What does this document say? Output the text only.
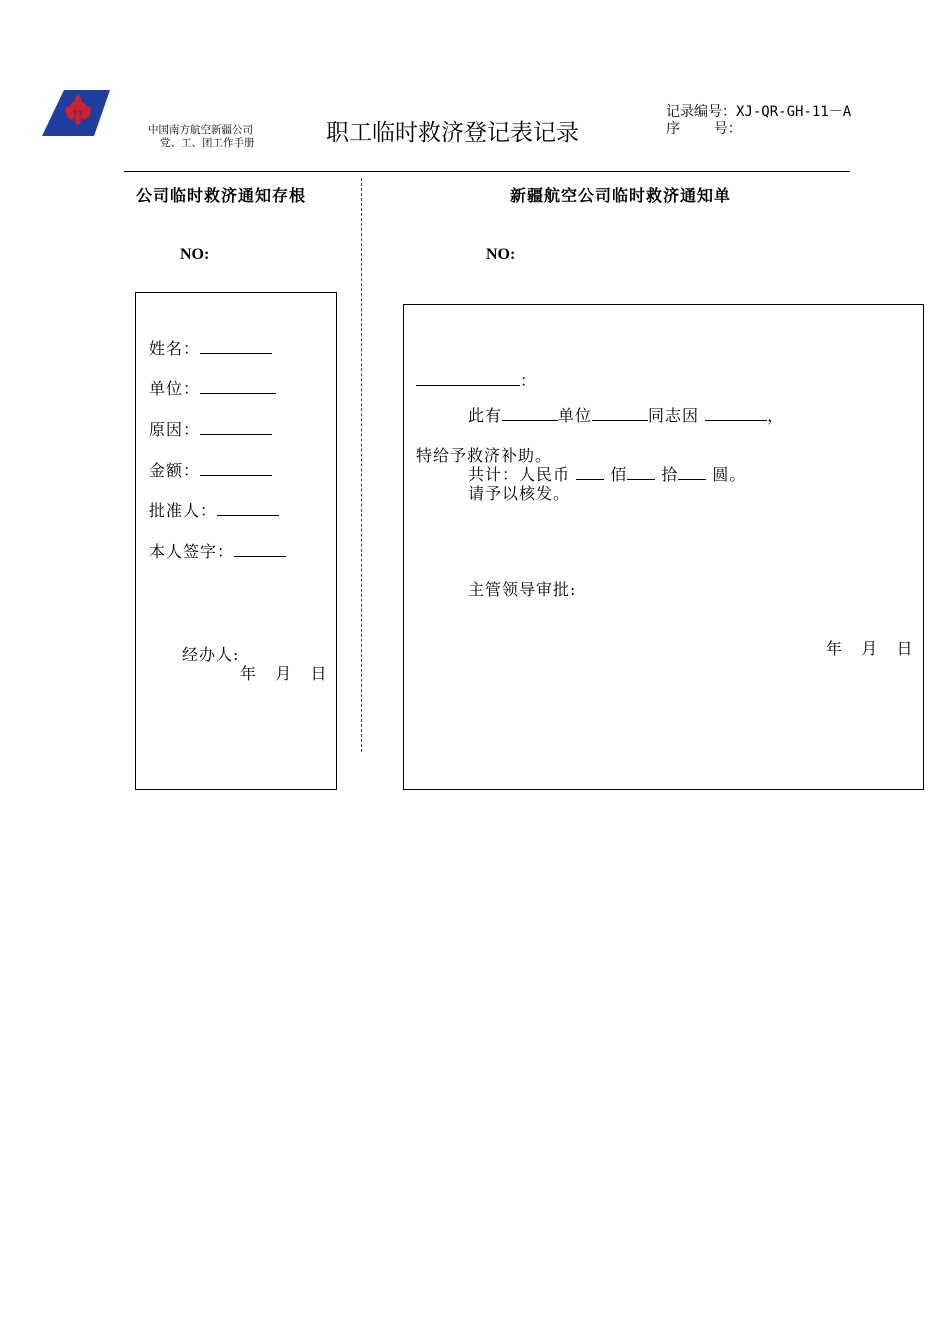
中国南方航空新疆公司
党、工、团工作手册	职工临时救济登记表记录
记录编号：XJ-QR-GH-11－A
序    号：
公司临时救济通知存根	新疆航空公司临时救济通知单
NO:	NO:
姓名：
单位：
原因：
金额：
批准人：
本人签字：
经办人:
年   月   日
：
此有	单位	同志因	，
特给予救济补助。
共计：人民币	佰 拾 圆。
请予以核发。
主管领导审批:
年   月   日
